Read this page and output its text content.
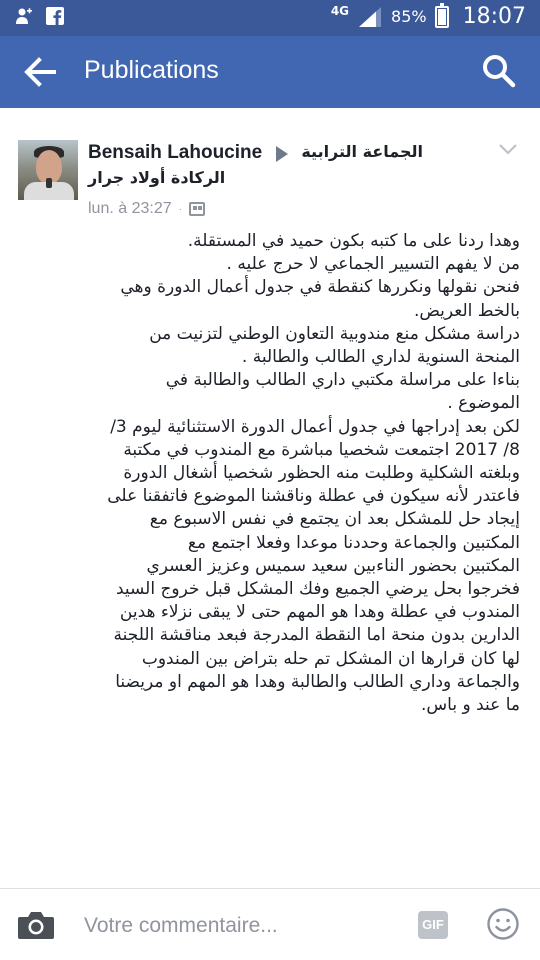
4G	85% 18:07
Publications
Bensaih Lahoucine الجماعة الترابية
الركادة أولاد جرار
lun. à 23:27 ·

وهدا ردنا على ما كتبه بكون حميد في المستقلة.

من لا يفهم التسيير الجماعي لا حرج عليه .

فنحن نقولها ونكررها كنقطة في جدول أعمال الدورة وهي

بالخط العريض.

دراسة مشكل منع مندوبية التعاون الوطني لتزنيت من

المنحة السنوية لداري الطالب والطالبة .

بناءا على مراسلة مكتبي داري الطالب والطالبة في

الموضوع .

لكن بعد إدراجها في جدول أعمال الدورة الاستثنائية ليوم 3/

8/ 2017 اجتمعت شخصيا مباشرة مع المندوب في مكتبة

وبلغته الشكلية وطلبت منه الحظور شخصيا أشغال الدورة

فاعتدر لأنه سيكون في عطلة وناقشنا الموضوع فاتفقنا على

إيجاد حل للمشكل بعد ان يجتمع في نفس الاسبوع مع

المكتبين والجماعة وحددنا موعدا وفعلا اجتمع مع

المكتبين بحضور الناءبين سعيد سميس وعزيز العسري

فخرجوا بحل يرضي الجميع وفك المشكل قبل خروج السيد

المندوب في عطلة وهدا هو المهم حتى لا يبقى نزلاء هدين

الدارين بدون منحة اما النقطة المدرجة فبعد مناقشة اللجنة

لها كان قرارها ان المشكل تم حله بتراض بين المندوب

والجماعة وداري الطالب والطالبة وهدا هو المهم او مريضنا

ما عند و باس.

Votre commentaire...
GIF
